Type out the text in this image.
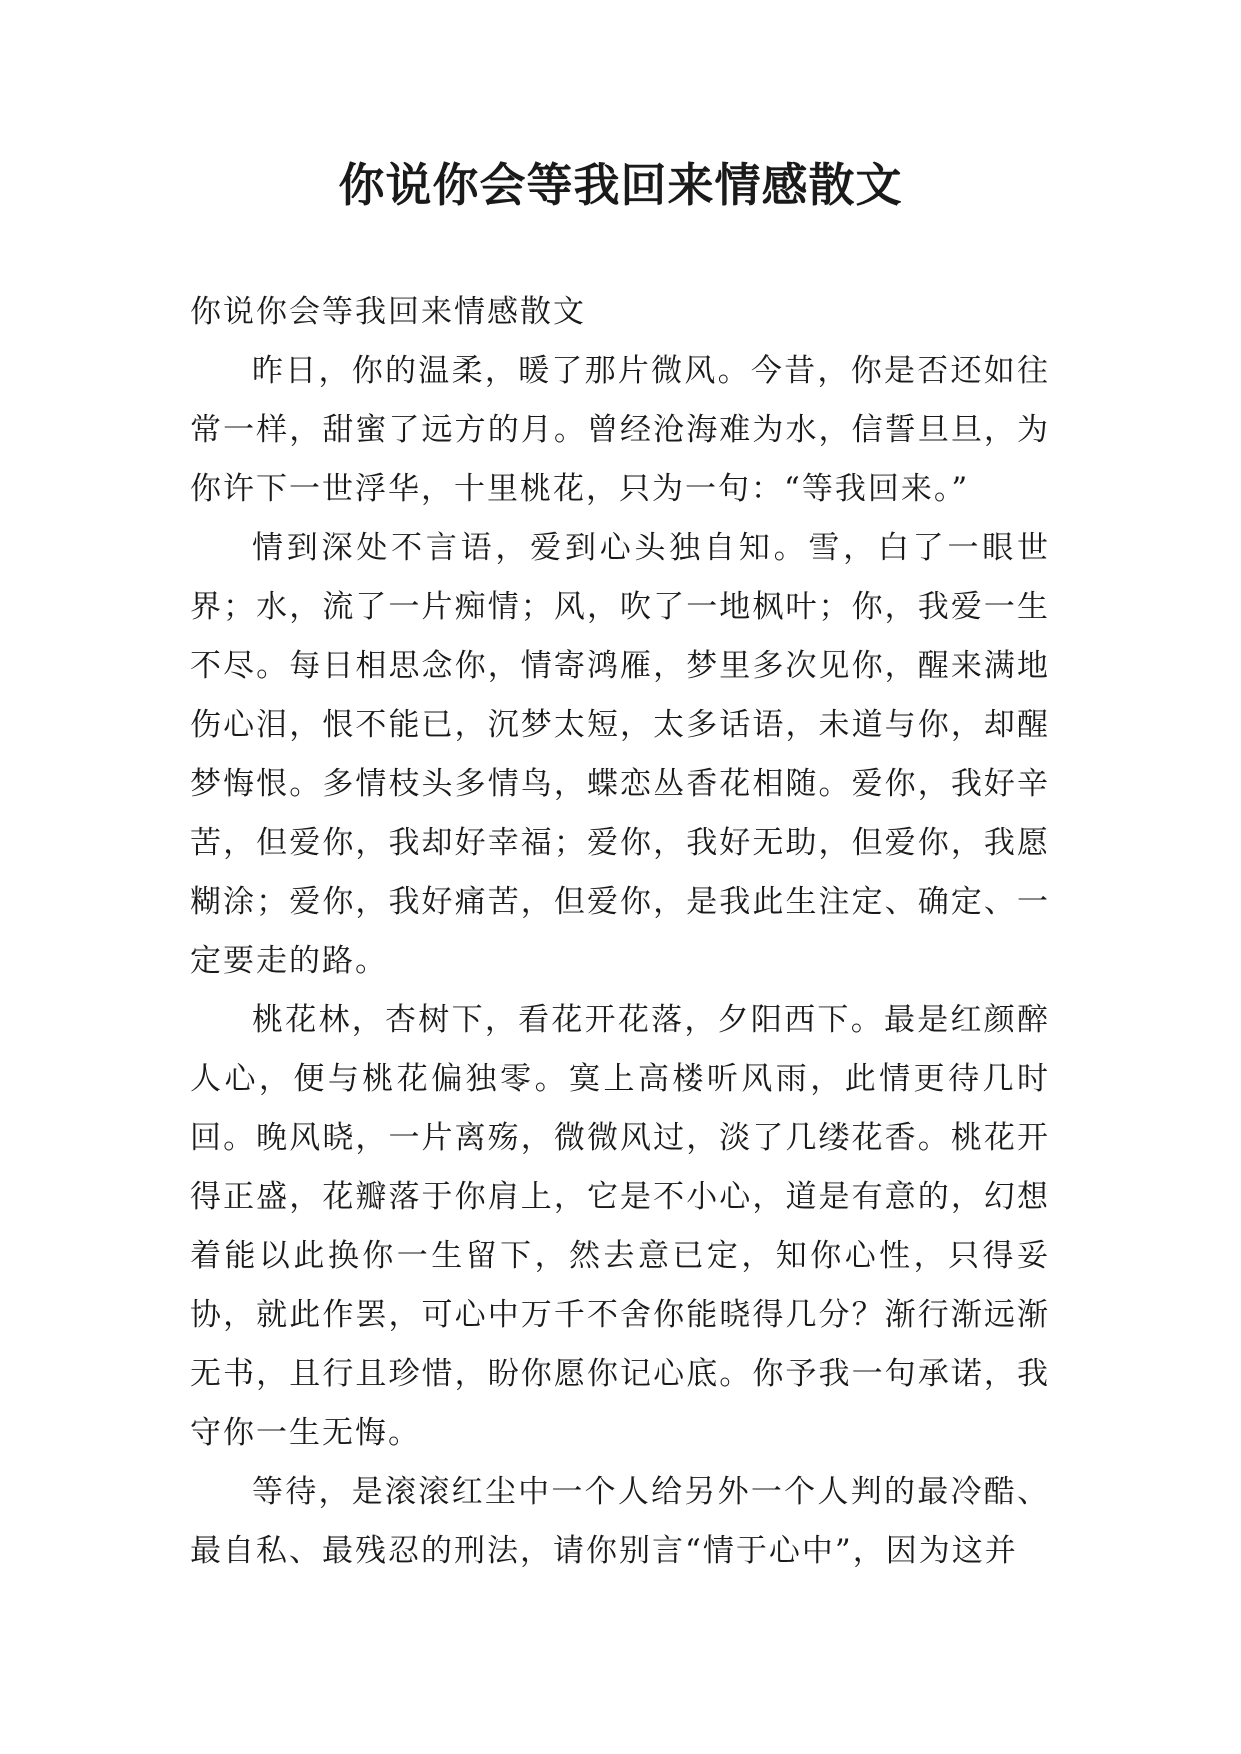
你说你会等我回来情感散文

你说你会等我回来情感散文

昨日，你的温柔，暖了那片微风。今昔，你是否还如往常一样，甜蜜了远方的月。曾经沧海难为水，信誓旦旦，为你许下一世浮华，十里桃花，只为一句：“等我回来。”

情到深处不言语，爱到心头独自知。雪，白了一眼世界；水，流了一片痴情；风，吹了一地枫叶；你，我爱一生不尽。每日相思念你，情寄鸿雁，梦里多次见你，醒来满地伤心泪，恨不能已，沉梦太短，太多话语，未道与你，却醒梦悔恨。多情枝头多情鸟，蝶恋丛香花相随。爱你，我好辛苦，但爱你，我却好幸福；爱你，我好无助，但爱你，我愿糊涂；爱你，我好痛苦，但爱你，是我此生注定、确定、一定要走的路。

桃花林，杏树下，看花开花落，夕阳西下。最是红颜醉人心，便与桃花偏独零。寞上高楼听风雨，此情更待几时回。晚风晓，一片离殇，微微风过，淡了几缕花香。桃花开得正盛，花瓣落于你肩上，它是不小心，道是有意的，幻想着能以此换你一生留下，然去意已定，知你心性，只得妥协，就此作罢，可心中万千不舍你能晓得几分？渐行渐远渐无书，且行且珍惜，盼你愿你记心底。你予我一句承诺，我守你一生无悔。

等待，是滚滚红尘中一个人给另外一个人判的最冷酷、最自私、最残忍的刑法，请你别言“情于心中”，因为这并
